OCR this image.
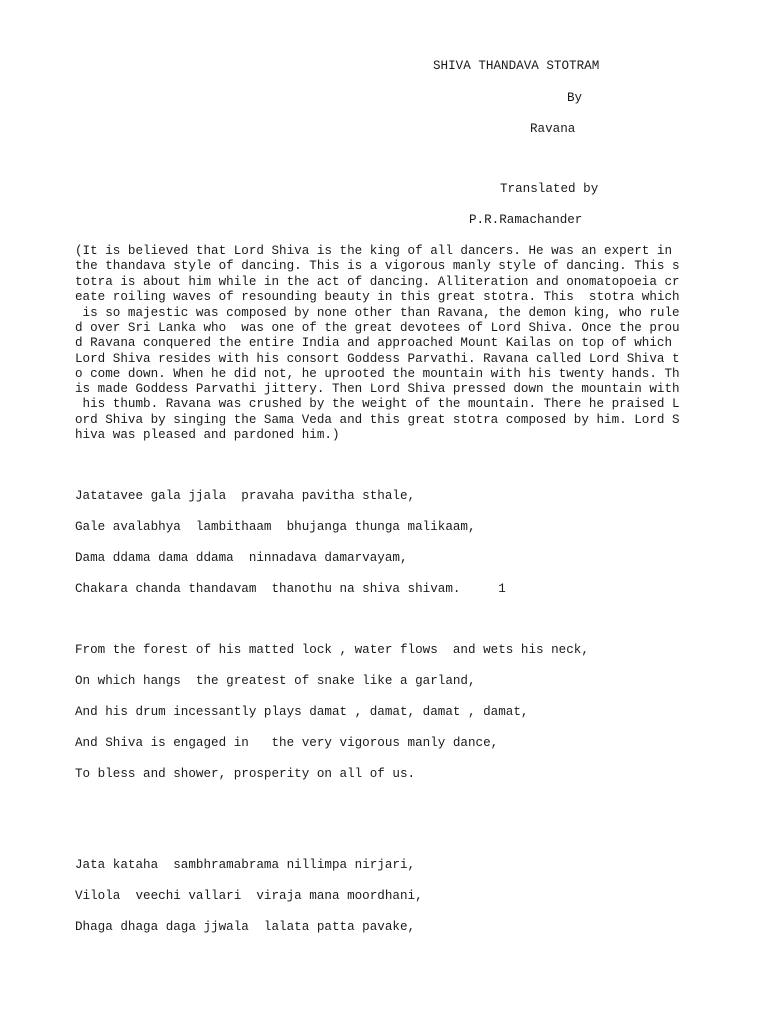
SHIVA THANDAVA STOTRAM
By
Ravana
Translated by
P.R.Ramachander
(It is believed that Lord Shiva is the king of all dancers. He was an expert in
the thandava style of dancing. This is a vigorous manly style of dancing. This s
totra is about him while in the act of dancing. Alliteration and onomatopoeia cr
eate roiling waves of resounding beauty in this great stotra. This  stotra which
is so majestic was composed by none other than Ravana, the demon king, who rule
d over Sri Lanka who  was one of the great devotees of Lord Shiva. Once the prou
d Ravana conquered the entire India and approached Mount Kailas on top of which
Lord Shiva resides with his consort Goddess Parvathi. Ravana called Lord Shiva t
o come down. When he did not, he uprooted the mountain with his twenty hands. Th
is made Goddess Parvathi jittery. Then Lord Shiva pressed down the mountain with
his thumb. Ravana was crushed by the weight of the mountain. There he praised L
ord Shiva by singing the Sama Veda and this great stotra composed by him. Lord S
hiva was pleased and pardoned him.)
Jatatavee gala jjala  pravaha pavitha sthale,
Gale avalabhya  lambithaam  bhujanga thunga malikaam,
Dama ddama dama ddama  ninnadava damarvayam,
Chakara chanda thandavam  thanothu na shiva shivam.     1
From the forest of his matted lock , water flows  and wets his neck,
On which hangs  the greatest of snake like a garland,
And his drum incessantly plays damat , damat, damat , damat,
And Shiva is engaged in   the very vigorous manly dance,
To bless and shower, prosperity on all of us.
Jata kataha  sambhramabrama nillimpa nirjari,
Vilola  veechi vallari  viraja mana moordhani,
Dhaga dhaga daga jjwala  lalata patta pavake,
